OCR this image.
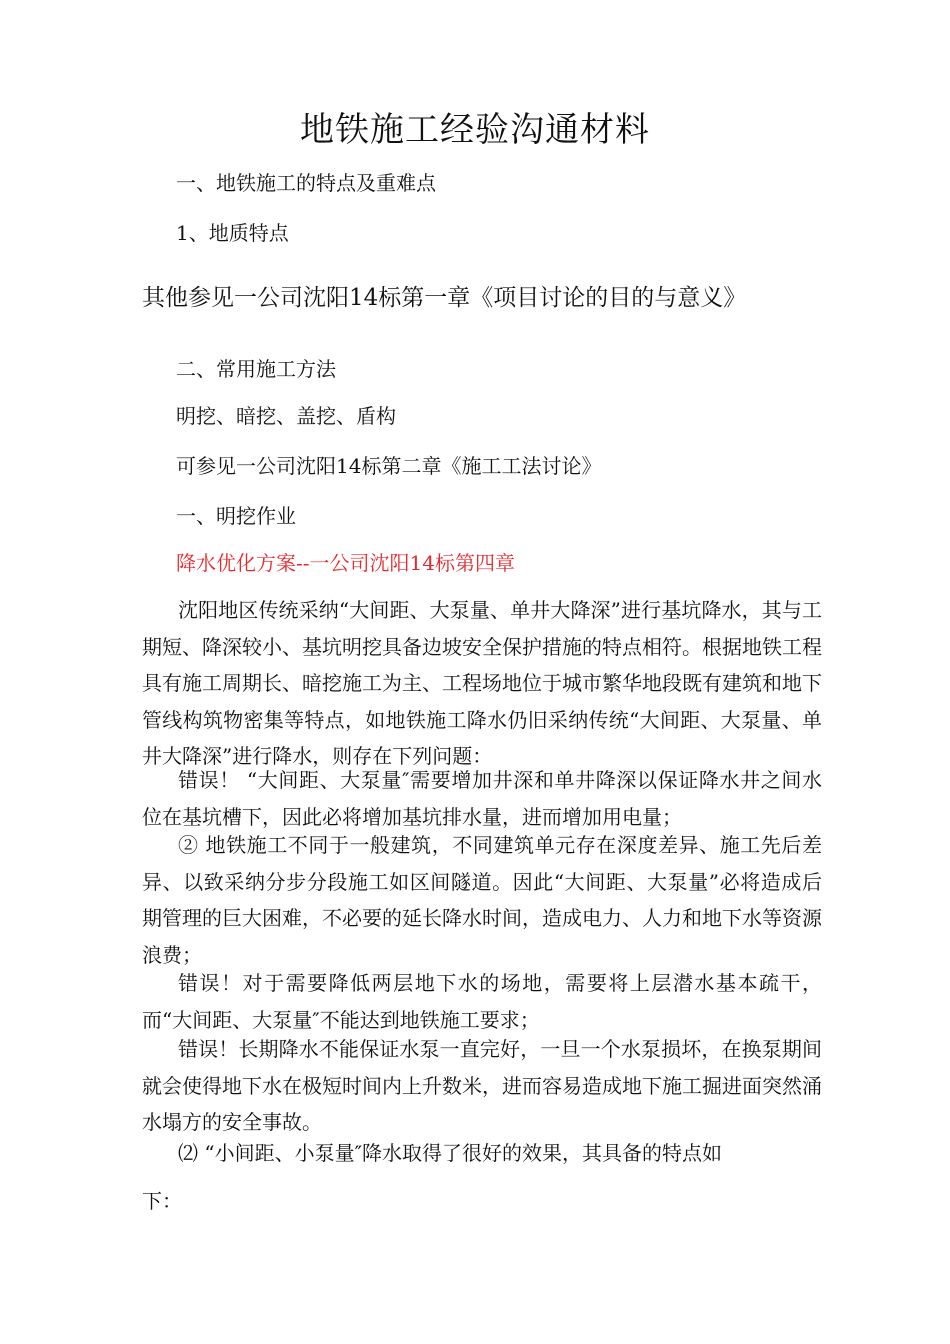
地铁施工经验沟通材料
一、地铁施工的特点及重难点
1、地质特点
其他参见一公司沈阳14标第一章《项目讨论的目的与意义》
二、常用施工方法
明挖、暗挖、盖挖、盾构
可参见一公司沈阳14标第二章《施工工法讨论》
一、明挖作业
降水优化方案--一公司沈阳14标第四章

沈阳地区传统采纳“大间距、大泵量、单井大降深”进行基坑降水，其与工期短、降深较小、基坑明挖具备边坡安全保护措施的特点相符。根据地铁工程具有施工周期长、暗挖施工为主、工程场地位于城市繁华地段既有建筑和地下管线构筑物密集等特点，如地铁施工降水仍旧采纳传统“大间距、大泵量、单井大降深”进行降水，则存在下列问题：

错误！ “大间距、大泵量″需要增加井深和单井降深以保证降水井之间水位在基坑槽下，因此必将增加基坑排水量，进而增加用电量；

② 地铁施工不同于一般建筑，不同建筑单元存在深度差异、施工先后差异、以致采纳分步分段施工如区间隧道。因此“大间距、大泵量”必将造成后期管理的巨大困难，不必要的延长降水时间，造成电力、人力和地下水等资源浪费；

错误！对于需要降低两层地下水的场地，需要将上层潜水基本疏干，而“大间距、大泵量″不能达到地铁施工要求；

错误！长期降水不能保证水泵一直完好，一旦一个水泵损坏，在换泵期间就会使得地下水在极短时间内上升数米，进而容易造成地下施工掘进面突然涌水塌方的安全事故。

⑵ “小间距、小泵量″降水取得了很好的效果，其具备的特点如

下：
